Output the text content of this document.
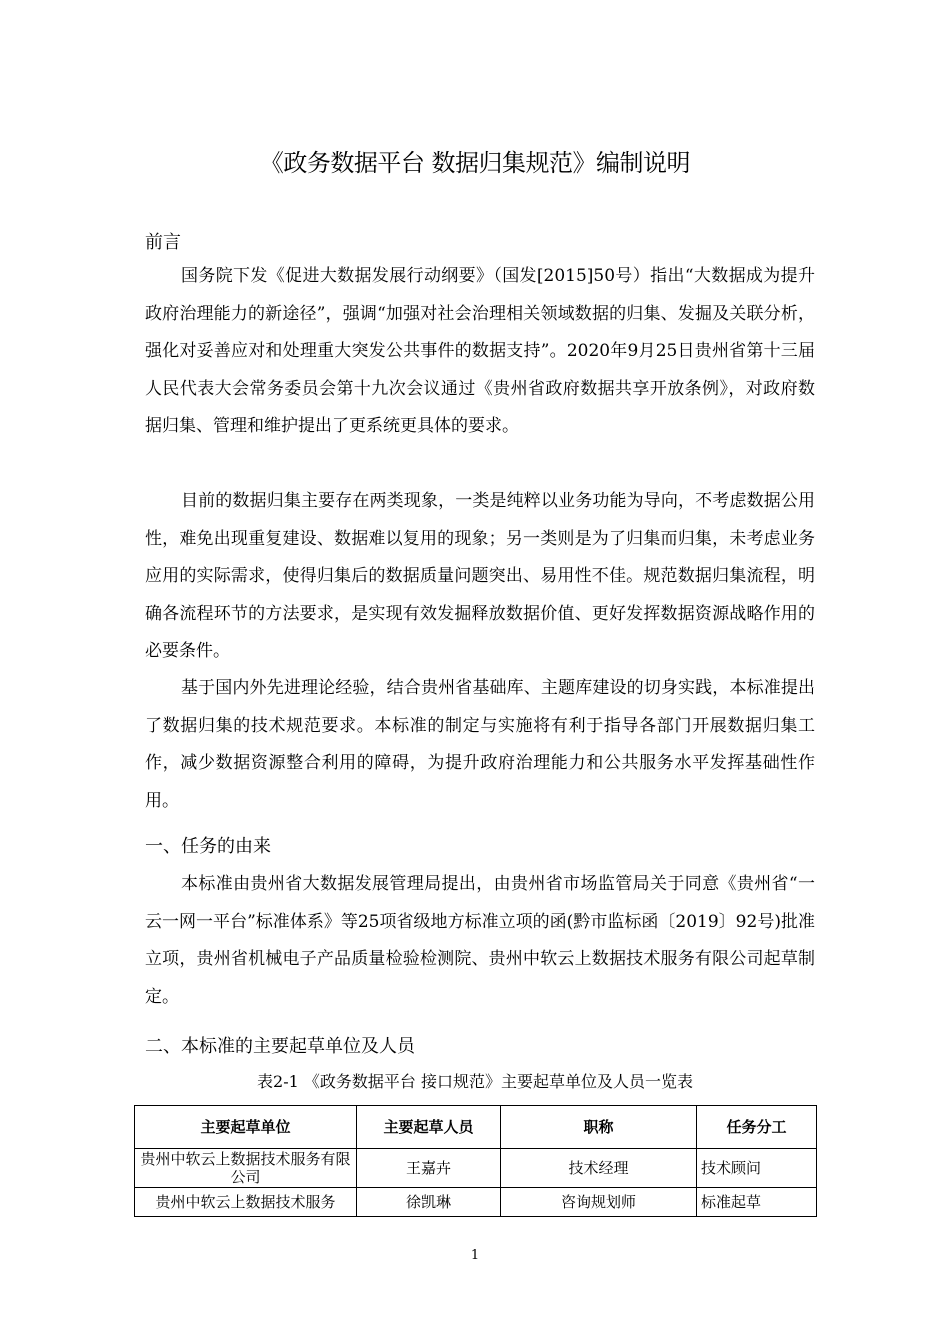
《政务数据平台 数据归集规范》编制说明
前言

国务院下发《促进大数据发展行动纲要》（国发[2015]50号）指出“大数据成为提升政府治理能力的新途径”，强调“加强对社会治理相关领域数据的归集、发掘及关联分析，强化对妥善应对和处理重大突发公共事件的数据支持”。2020年9月25日贵州省第十三届人民代表大会常务委员会第十九次会议通过《贵州省政府数据共享开放条例》，对政府数据归集、管理和维护提出了更系统更具体的要求。

目前的数据归集主要存在两类现象，一类是纯粹以业务功能为导向，不考虑数据公用性，难免出现重复建设、数据难以复用的现象；另一类则是为了归集而归集，未考虑业务应用的实际需求，使得归集后的数据质量问题突出、易用性不佳。规范数据归集流程，明确各流程环节的方法要求，是实现有效发掘释放数据价值、更好发挥数据资源战略作用的必要条件。

基于国内外先进理论经验，结合贵州省基础库、主题库建设的切身实践，本标准提出了数据归集的技术规范要求。本标准的制定与实施将有利于指导各部门开展数据归集工作，减少数据资源整合利用的障碍，为提升政府治理能力和公共服务水平发挥基础性作用。

一、任务的由来

本标准由贵州省大数据发展管理局提出，由贵州省市场监管局关于同意《贵州省“一云一网一平台”标准体系》等25项省级地方标准立项的函(黔市监标函〔2019〕92号)批准立项，贵州省机械电子产品质量检验检测院、贵州中软云上数据技术服务有限公司起草制定。

二、本标准的主要起草单位及人员
表2-1 《政务数据平台 接口规范》主要起草单位及人员一览表
主要起草单位	主要起草人员	职称	任务分工
贵州中软云上数据技术服务有限公司	王嘉卉	技术经理	技术顾问
贵州中软云上数据技术服务	徐凯琳	咨询规划师	标准起草
1
